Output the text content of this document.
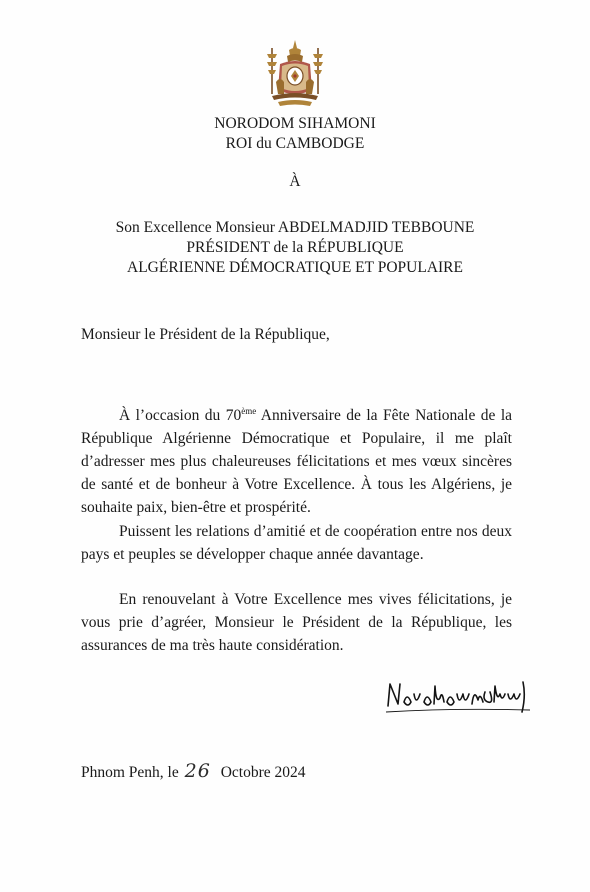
NORODOM SIHAMONI
ROI du CAMBODGE
À
Son Excellence Monsieur ABDELMADJID TEBBOUNE
PRÉSIDENT de la RÉPUBLIQUE
ALGÉRIENNE DÉMOCRATIQUE ET POPULAIRE
Monsieur le Président de la République,

À l’occasion du 70ème Anniversaire de la Fête Nationale de la République Algérienne Démocratique et Populaire, il me plaît d’adresser mes plus chaleureuses félicitations et mes vœux sincères de santé et de bonheur à Votre Excellence. À tous les Algériens, je souhaite paix, bien-être et prospérité.

Puissent les relations d’amitié et de coopération entre nos deux pays et peuples se développer chaque année davantage.

En renouvelant à Votre Excellence mes vives félicitations, je vous prie d’agréer, Monsieur le Président de la République, les assurances de ma très haute considération.

Phnom Penh, le 26 Octobre 2024
